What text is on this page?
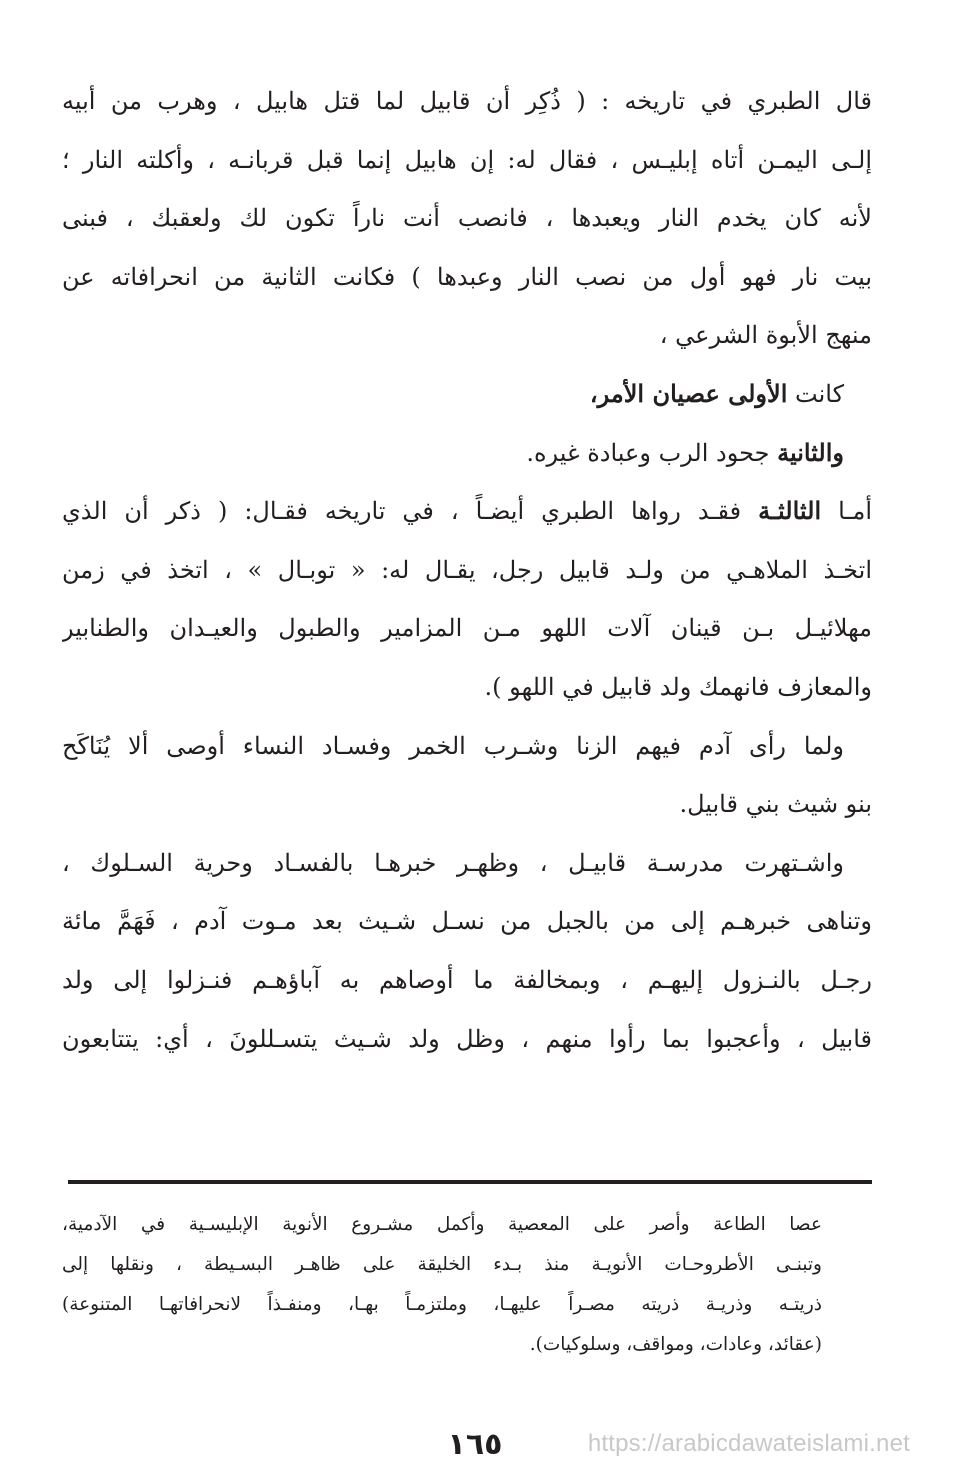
قال الطبري في تاريخه : ( ذُكِر أن قابيل لما قتل هابيل ، وهرب من أبيه
إلـى اليمـن أتاه إبليـس ، فقال له: إن هابيل إنما قبل قربانـه ، وأكلته النار ؛
لأنه كان يخدم النار ويعبدها ، فانصب أنت ناراً تكون لك ولعقبك ، فبنى
بيت نار فهو أول من نصب النار وعبدها ) فكانت الثانية من انحرافاته عن
منهج الأبوة الشرعي ،
كانت الأولى عصيان الأمر،
والثانية جحود الرب وعبادة غيره.
أمـا الثالثـة فقـد رواها الطبري أيضـاً ، في تاريخه فقـال: ( ذكر أن الذي
اتخـذ الملاهـي من ولـد قابيل رجل، يقـال له: « توبـال » ، اتخذ في زمن
مهلائيـل بـن قينان آلات اللهو مـن المزامير والطبول والعيـدان والطنابير
والمعازف فانهمك ولد قابيل في اللهو ).
ولما رأى آدم فيهم الزنا وشـرب الخمر وفسـاد النساء أوصى ألا يُنَاكَح
بنو شيث بني قابيل.
واشـتهرت مدرسـة قابيـل ، وظهـر خبرهـا بالفسـاد وحرية السـلوك ،
وتناهى خبرهـم إلى من بالجبل من نسـل شـيث بعد مـوت آدم ، فَهَمَّ مائة
رجـل بالنـزول إليهـم ، وبمخالفة ما أوصاهم به آباؤهـم فنـزلوا إلى ولد
قابيل ، وأعجبوا بما رأوا منهم ، وظل ولد شـيث يتسـللونَ ، أي: يتتابعون
عصا الطاعة وأصر على المعصية وأكمل مشـروع الأنوية الإبليسـية في الآدمية،
وتبنـى الأطروحـات الأنويـة منذ بـدء الخليقة على ظاهـر البسـيطة ، ونقلها إلى
ذريتـه وذريـة ذريته مصـراً عليهـا، وملتزمـاً بهـا، ومنفـذاً لانحرافاتهـا المتنوعة)
(عقائد، وعادات، ومواقف، وسلوكيات).
١٦٥	https://arabicdawateislami.net
